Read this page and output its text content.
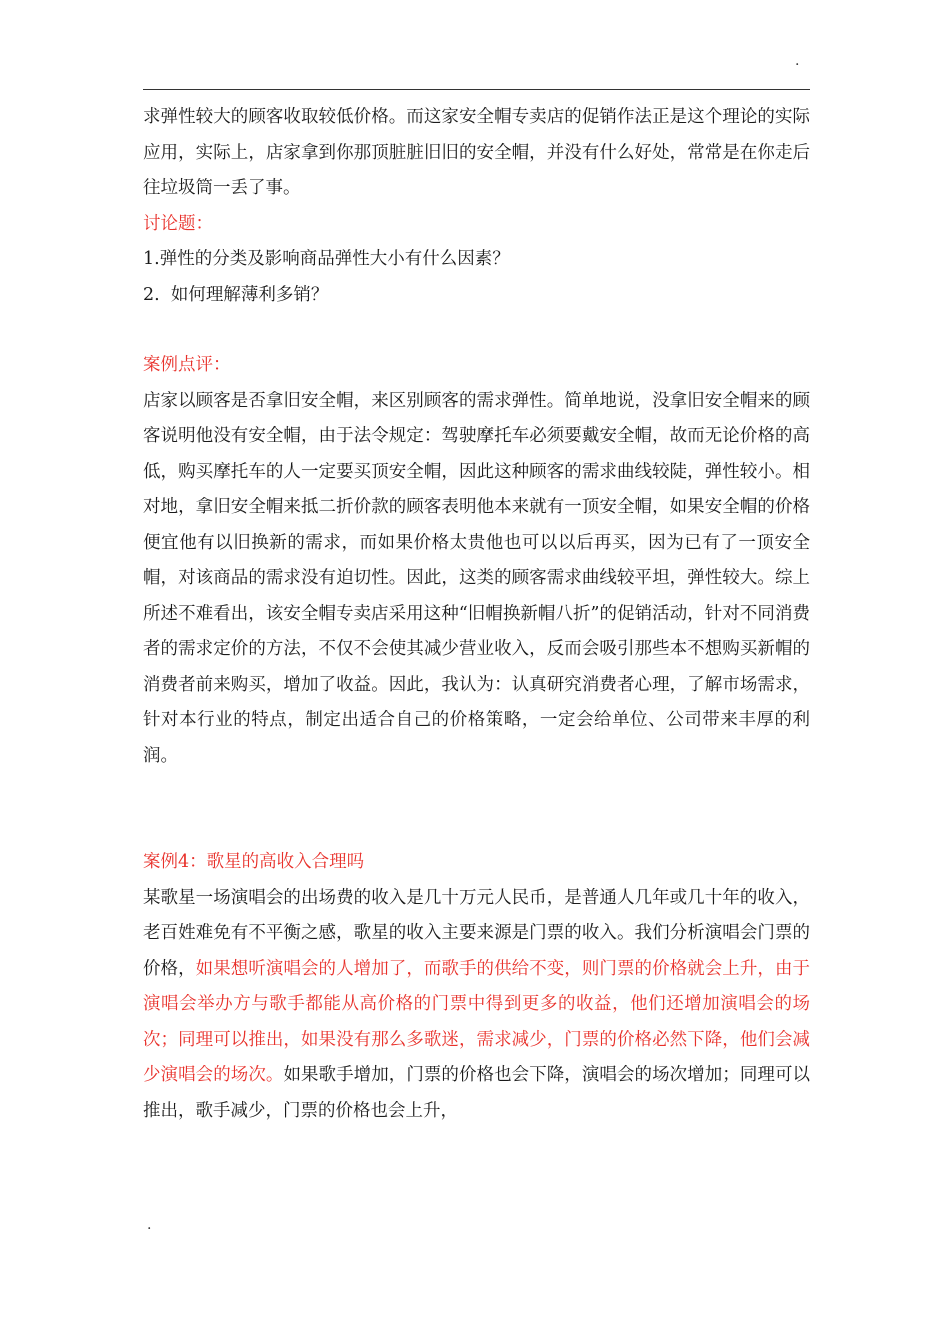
.

求弹性较大的顾客收取较低价格。而这家安全帽专卖店的促销作法正是这个理论的实际应用，实际上，店家拿到你那顶脏脏旧旧的安全帽，并没有什么好处，常常是在你走后往垃圾筒一丢了事。

讨论题：

1.弹性的分类及影响商品弹性大小有什么因素？

2.  如何理解薄利多销？

案例点评：

店家以顾客是否拿旧安全帽，来区别顾客的需求弹性。简单地说，没拿旧安全帽来的顾客说明他没有安全帽，由于法令规定：驾驶摩托车必须要戴安全帽，故而无论价格的高低，购买摩托车的人一定要买顶安全帽，因此这种顾客的需求曲线较陡，弹性较小。相对地，拿旧安全帽来抵二折价款的顾客表明他本来就有一顶安全帽，如果安全帽的价格便宜他有以旧换新的需求，而如果价格太贵他也可以以后再买，因为已有了一顶安全帽，对该商品的需求没有迫切性。因此，这类的顾客需求曲线较平坦，弹性较大。综上所述不难看出，该安全帽专卖店采用这种“旧帽换新帽八折”的促销活动，针对不同消费者的需求定价的方法，不仅不会使其减少营业收入，反而会吸引那些本不想购买新帽的消费者前来购买，增加了收益。因此，我认为：认真研究消费者心理，了解市场需求，针对本行业的特点，制定出适合自己的价格策略，一定会给单位、公司带来丰厚的利润。

案例4：歌星的高收入合理吗

某歌星一场演唱会的出场费的收入是几十万元人民币，是普通人几年或几十年的收入，老百姓难免有不平衡之感，歌星的收入主要来源是门票的收入。我们分析演唱会门票的价格，如果想听演唱会的人增加了，而歌手的供给不变，则门票的价格就会上升，由于演唱会举办方与歌手都能从高价格的门票中得到更多的收益，他们还增加演唱会的场次；同理可以推出，如果没有那么多歌迷，需求减少，门票的价格必然下降，他们会减少演唱会的场次。如果歌手增加，门票的价格也会下降，演唱会的场次增加；同理可以推出，歌手减少，门票的价格也会上升，

.
